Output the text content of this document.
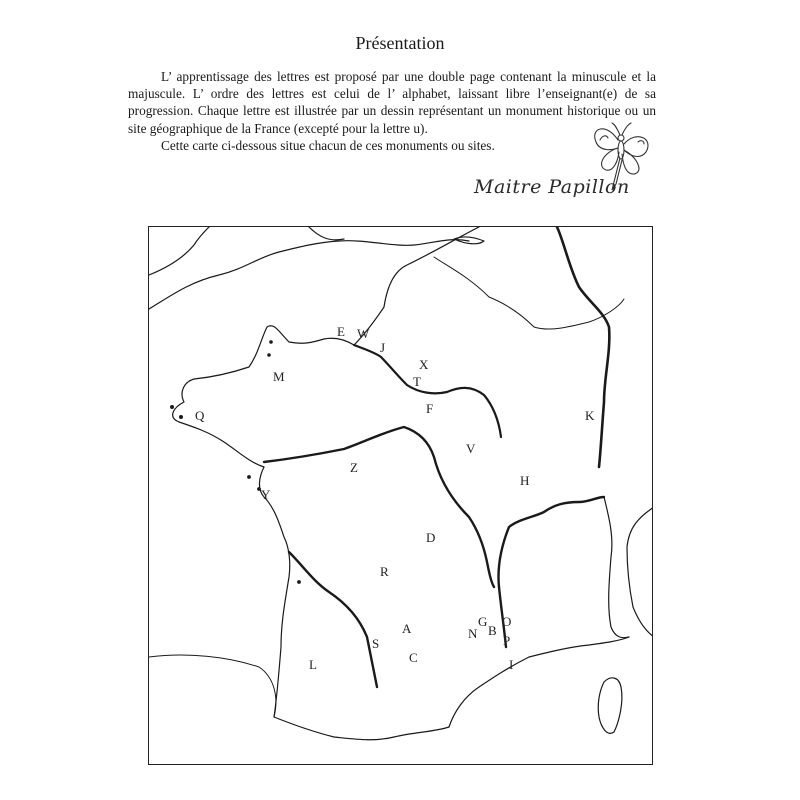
Présentation

L’ apprentissage des lettres est proposé par une double page contenant la minuscule et la majuscule. L’ ordre des lettres est celui de l’ alphabet, laissant libre l’enseignant(e) de sa progression. Chaque lettre est illustrée par un dessin représentant un monument historique ou un site géographique de la France (excepté pour la lettre u).

Cette carte ci-dessous situe chacun de ces monuments ou sites.

Maitre Papillon
E W
J
X
T
M
F
Q	K
V
Z
H
Y
D
R
G O
A	B
N P
S
C	I
L
